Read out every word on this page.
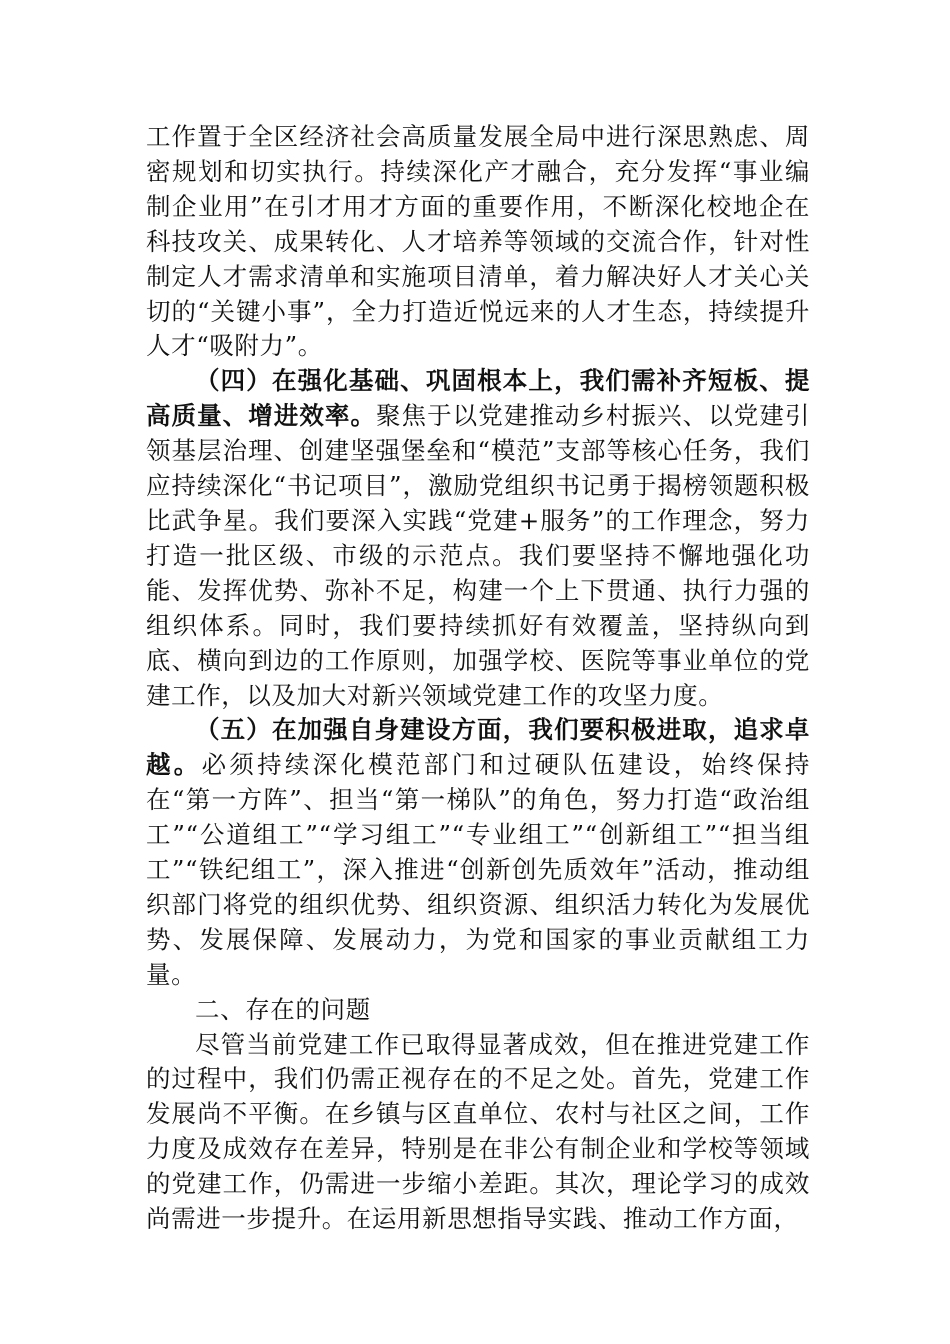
工作置于全区经济社会高质量发展全局中进行深思熟虑、周密规划和切实执行。持续深化产才融合，充分发挥“事业编制企业用”在引才用才方面的重要作用，不断深化校地企在科技攻关、成果转化、人才培养等领域的交流合作，针对性制定人才需求清单和实施项目清单，着力解决好人才关心关切的“关键小事”，全力打造近悦远来的人才生态，持续提升人才“吸附力”。

（四）在强化基础、巩固根本上，我们需补齐短板、提高质量、增进效率。聚焦于以党建推动乡村振兴、以党建引领基层治理、创建坚强堡垒和“模范”支部等核心任务，我们应持续深化“书记项目”，激励党组织书记勇于揭榜领题积极比武争星。我们要深入实践“党建+服务”的工作理念，努力打造一批区级、市级的示范点。我们要坚持不懈地强化功能、发挥优势、弥补不足，构建一个上下贯通、执行力强的组织体系。同时，我们要持续抓好有效覆盖，坚持纵向到底、横向到边的工作原则，加强学校、医院等事业单位的党建工作，以及加大对新兴领域党建工作的攻坚力度。

（五）在加强自身建设方面，我们要积极进取，追求卓越。必须持续深化模范部门和过硬队伍建设，始终保持在“第一方阵”、担当“第一梯队”的角色，努力打造“政治组工”“公道组工”“学习组工”“专业组工”“创新组工”“担当组工”“铁纪组工”，深入推进“创新创先质效年”活动，推动组织部门将党的组织优势、组织资源、组织活力转化为发展优势、发展保障、发展动力，为党和国家的事业贡献组工力量。

二、存在的问题

尽管当前党建工作已取得显著成效，但在推进党建工作的过程中，我们仍需正视存在的不足之处。首先，党建工作发展尚不平衡。在乡镇与区直单位、农村与社区之间，工作力度及成效存在差异，特别是在非公有制企业和学校等领域的党建工作，仍需进一步缩小差距。其次，理论学习的成效尚需进一步提升。在运用新思想指导实践、推动工作方面，
